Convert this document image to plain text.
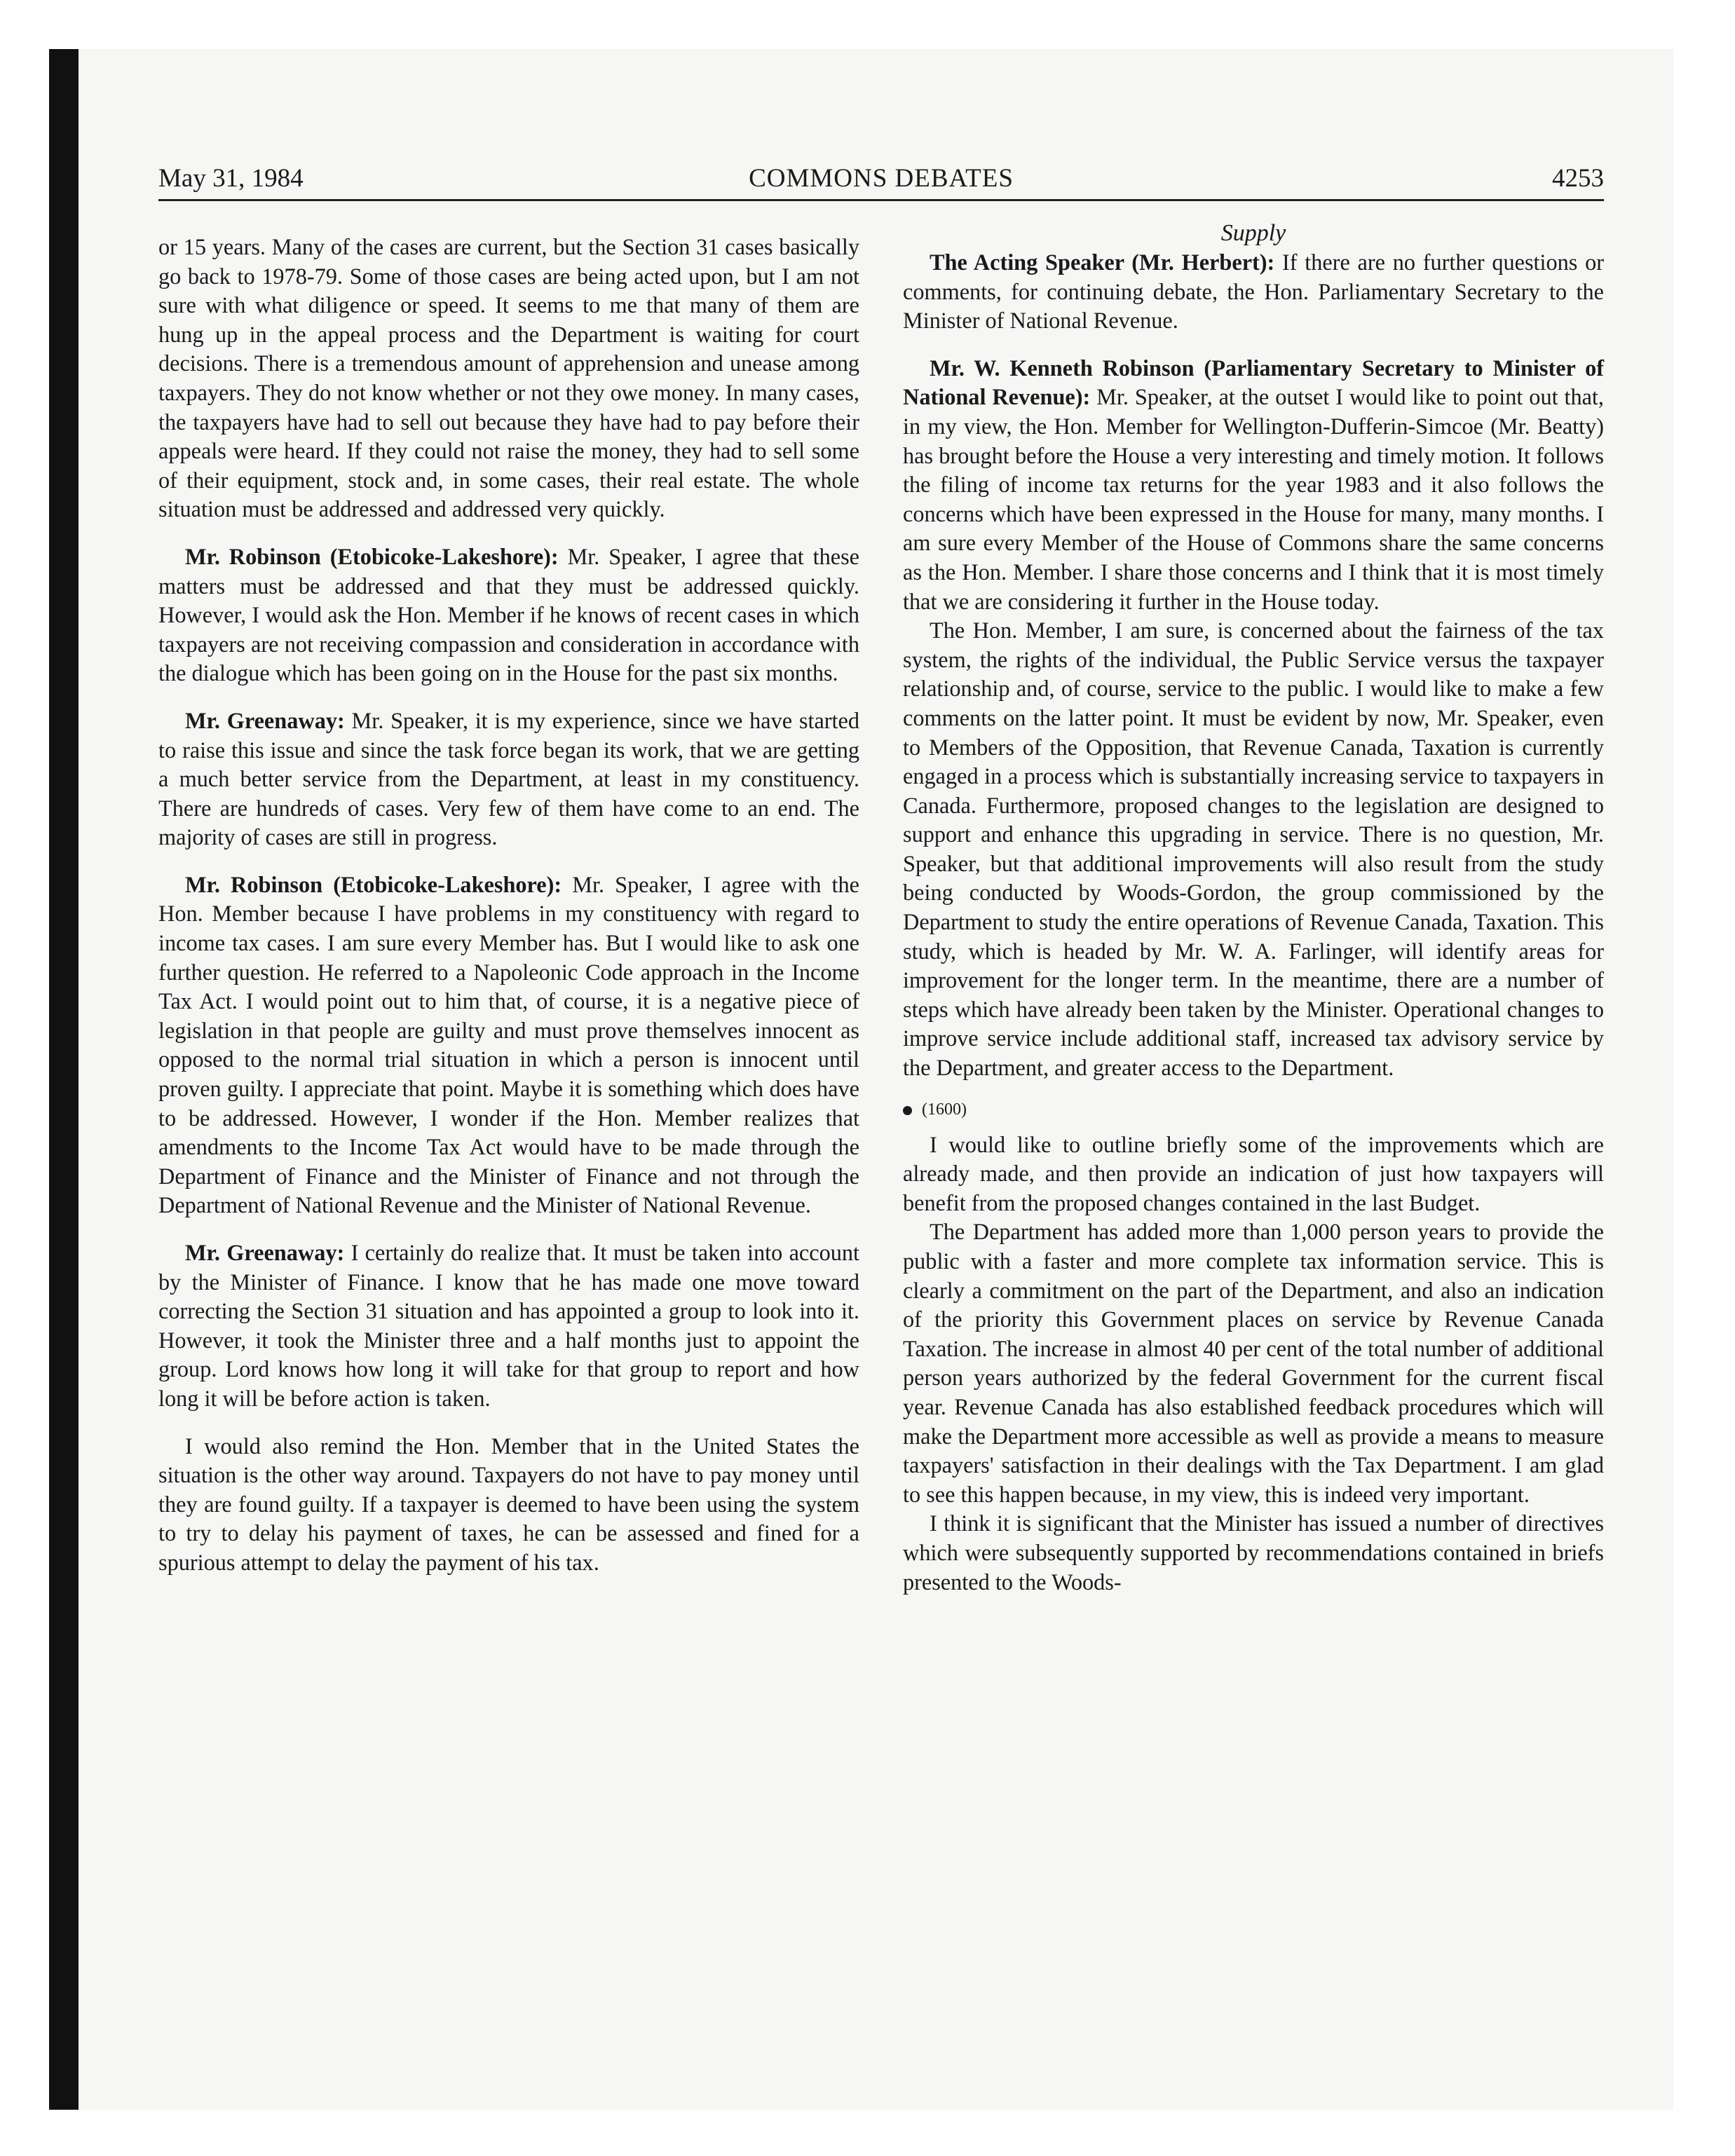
May 31, 1984	COMMONS DEBATES	4253

or 15 years. Many of the cases are current, but the Section 31 cases basically go back to 1978-79. Some of those cases are being acted upon, but I am not sure with what diligence or speed. It seems to me that many of them are hung up in the appeal process and the Department is waiting for court decisions. There is a tremendous amount of apprehension and unease among taxpayers. They do not know whether or not they owe money. In many cases, the taxpayers have had to sell out because they have had to pay before their appeals were heard. If they could not raise the money, they had to sell some of their equipment, stock and, in some cases, their real estate. The whole situation must be addressed and addressed very quickly.

Mr. Robinson (Etobicoke-Lakeshore): Mr. Speaker, I agree that these matters must be addressed and that they must be addressed quickly. However, I would ask the Hon. Member if he knows of recent cases in which taxpayers are not receiving compassion and consideration in accordance with the dialogue which has been going on in the House for the past six months.

Mr. Greenaway: Mr. Speaker, it is my experience, since we have started to raise this issue and since the task force began its work, that we are getting a much better service from the Department, at least in my constituency. There are hundreds of cases. Very few of them have come to an end. The majority of cases are still in progress.

Mr. Robinson (Etobicoke-Lakeshore): Mr. Speaker, I agree with the Hon. Member because I have problems in my constituency with regard to income tax cases. I am sure every Member has. But I would like to ask one further question. He referred to a Napoleonic Code approach in the Income Tax Act. I would point out to him that, of course, it is a negative piece of legislation in that people are guilty and must prove themselves innocent as opposed to the normal trial situation in which a person is innocent until proven guilty. I appreciate that point. Maybe it is something which does have to be addressed. However, I wonder if the Hon. Member realizes that amendments to the Income Tax Act would have to be made through the Department of Finance and the Minister of Finance and not through the Department of National Revenue and the Minister of National Revenue.

Mr. Greenaway: I certainly do realize that. It must be taken into account by the Minister of Finance. I know that he has made one move toward correcting the Section 31 situation and has appointed a group to look into it. However, it took the Minister three and a half months just to appoint the group. Lord knows how long it will take for that group to report and how long it will be before action is taken.

I would also remind the Hon. Member that in the United States the situation is the other way around. Taxpayers do not have to pay money until they are found guilty. If a taxpayer is deemed to have been using the system to try to delay his payment of taxes, he can be assessed and fined for a spurious attempt to delay the payment of his tax.

Supply

The Acting Speaker (Mr. Herbert): If there are no further questions or comments, for continuing debate, the Hon. Parliamentary Secretary to the Minister of National Revenue.

Mr. W. Kenneth Robinson (Parliamentary Secretary to Minister of National Revenue): Mr. Speaker, at the outset I would like to point out that, in my view, the Hon. Member for Wellington-Dufferin-Simcoe (Mr. Beatty) has brought before the House a very interesting and timely motion. It follows the filing of income tax returns for the year 1983 and it also follows the concerns which have been expressed in the House for many, many months. I am sure every Member of the House of Commons share the same concerns as the Hon. Member. I share those concerns and I think that it is most timely that we are considering it further in the House today.

The Hon. Member, I am sure, is concerned about the fairness of the tax system, the rights of the individual, the Public Service versus the taxpayer relationship and, of course, service to the public. I would like to make a few comments on the latter point. It must be evident by now, Mr. Speaker, even to Members of the Opposition, that Revenue Canada, Taxation is currently engaged in a process which is substantially increasing service to taxpayers in Canada. Furthermore, proposed changes to the legislation are designed to support and enhance this upgrading in service. There is no question, Mr. Speaker, but that additional improvements will also result from the study being conducted by Woods-Gordon, the group commissioned by the Department to study the entire operations of Revenue Canada, Taxation. This study, which is headed by Mr. W. A. Farlinger, will identify areas for improvement for the longer term. In the meantime, there are a number of steps which have already been taken by the Minister. Operational changes to improve service include additional staff, increased tax advisory service by the Department, and greater access to the Department.

(1600)

I would like to outline briefly some of the improvements which are already made, and then provide an indication of just how taxpayers will benefit from the proposed changes contained in the last Budget.

The Department has added more than 1,000 person years to provide the public with a faster and more complete tax information service. This is clearly a commitment on the part of the Department, and also an indication of the priority this Government places on service by Revenue Canada Taxation. The increase in almost 40 per cent of the total number of additional person years authorized by the federal Government for the current fiscal year. Revenue Canada has also established feedback procedures which will make the Department more accessible as well as provide a means to measure taxpayers' satisfaction in their dealings with the Tax Department. I am glad to see this happen because, in my view, this is indeed very important.

I think it is significant that the Minister has issued a number of directives which were subsequently supported by recommendations contained in briefs presented to the Woods-
